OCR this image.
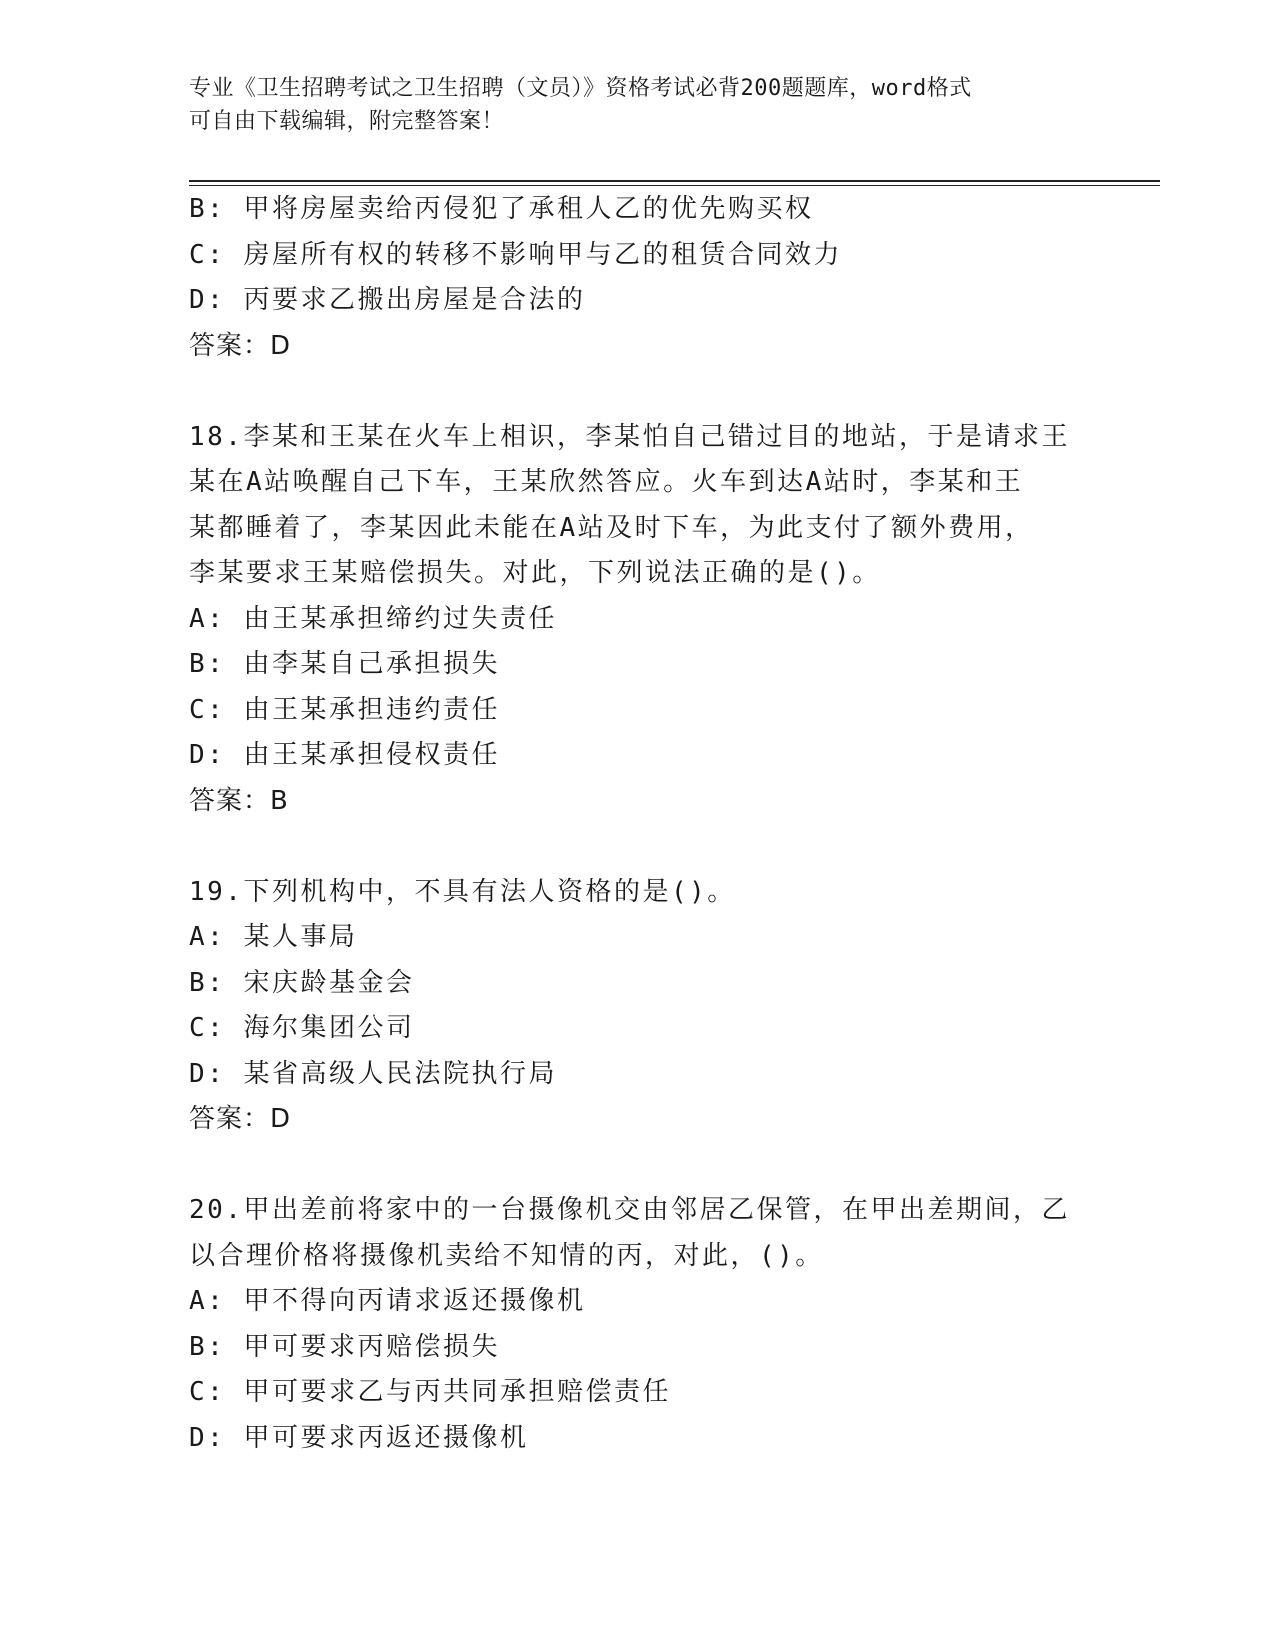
专业《卫生招聘考试之卫生招聘（文员）》资格考试必背200题题库，word格式
可自由下载编辑，附完整答案！
B: 甲将房屋卖给丙侵犯了承租人乙的优先购买权
C: 房屋所有权的转移不影响甲与乙的租赁合同效力
D: 丙要求乙搬出房屋是合法的
答案：D
18.李某和王某在火车上相识，李某怕自己错过目的地站，于是请求王
某在A站唤醒自己下车，王某欣然答应。火车到达A站时，李某和王
某都睡着了，李某因此未能在A站及时下车，为此支付了额外费用，
李某要求王某赔偿损失。对此，下列说法正确的是()。
A: 由王某承担缔约过失责任
B: 由李某自己承担损失
C: 由王某承担违约责任
D: 由王某承担侵权责任
答案：B
19.下列机构中，不具有法人资格的是()。
A: 某人事局
B: 宋庆龄基金会
C: 海尔集团公司
D: 某省高级人民法院执行局
答案：D
20.甲出差前将家中的一台摄像机交由邻居乙保管，在甲出差期间，乙
以合理价格将摄像机卖给不知情的丙，对此，()。
A: 甲不得向丙请求返还摄像机
B: 甲可要求丙赔偿损失
C: 甲可要求乙与丙共同承担赔偿责任
D: 甲可要求丙返还摄像机
